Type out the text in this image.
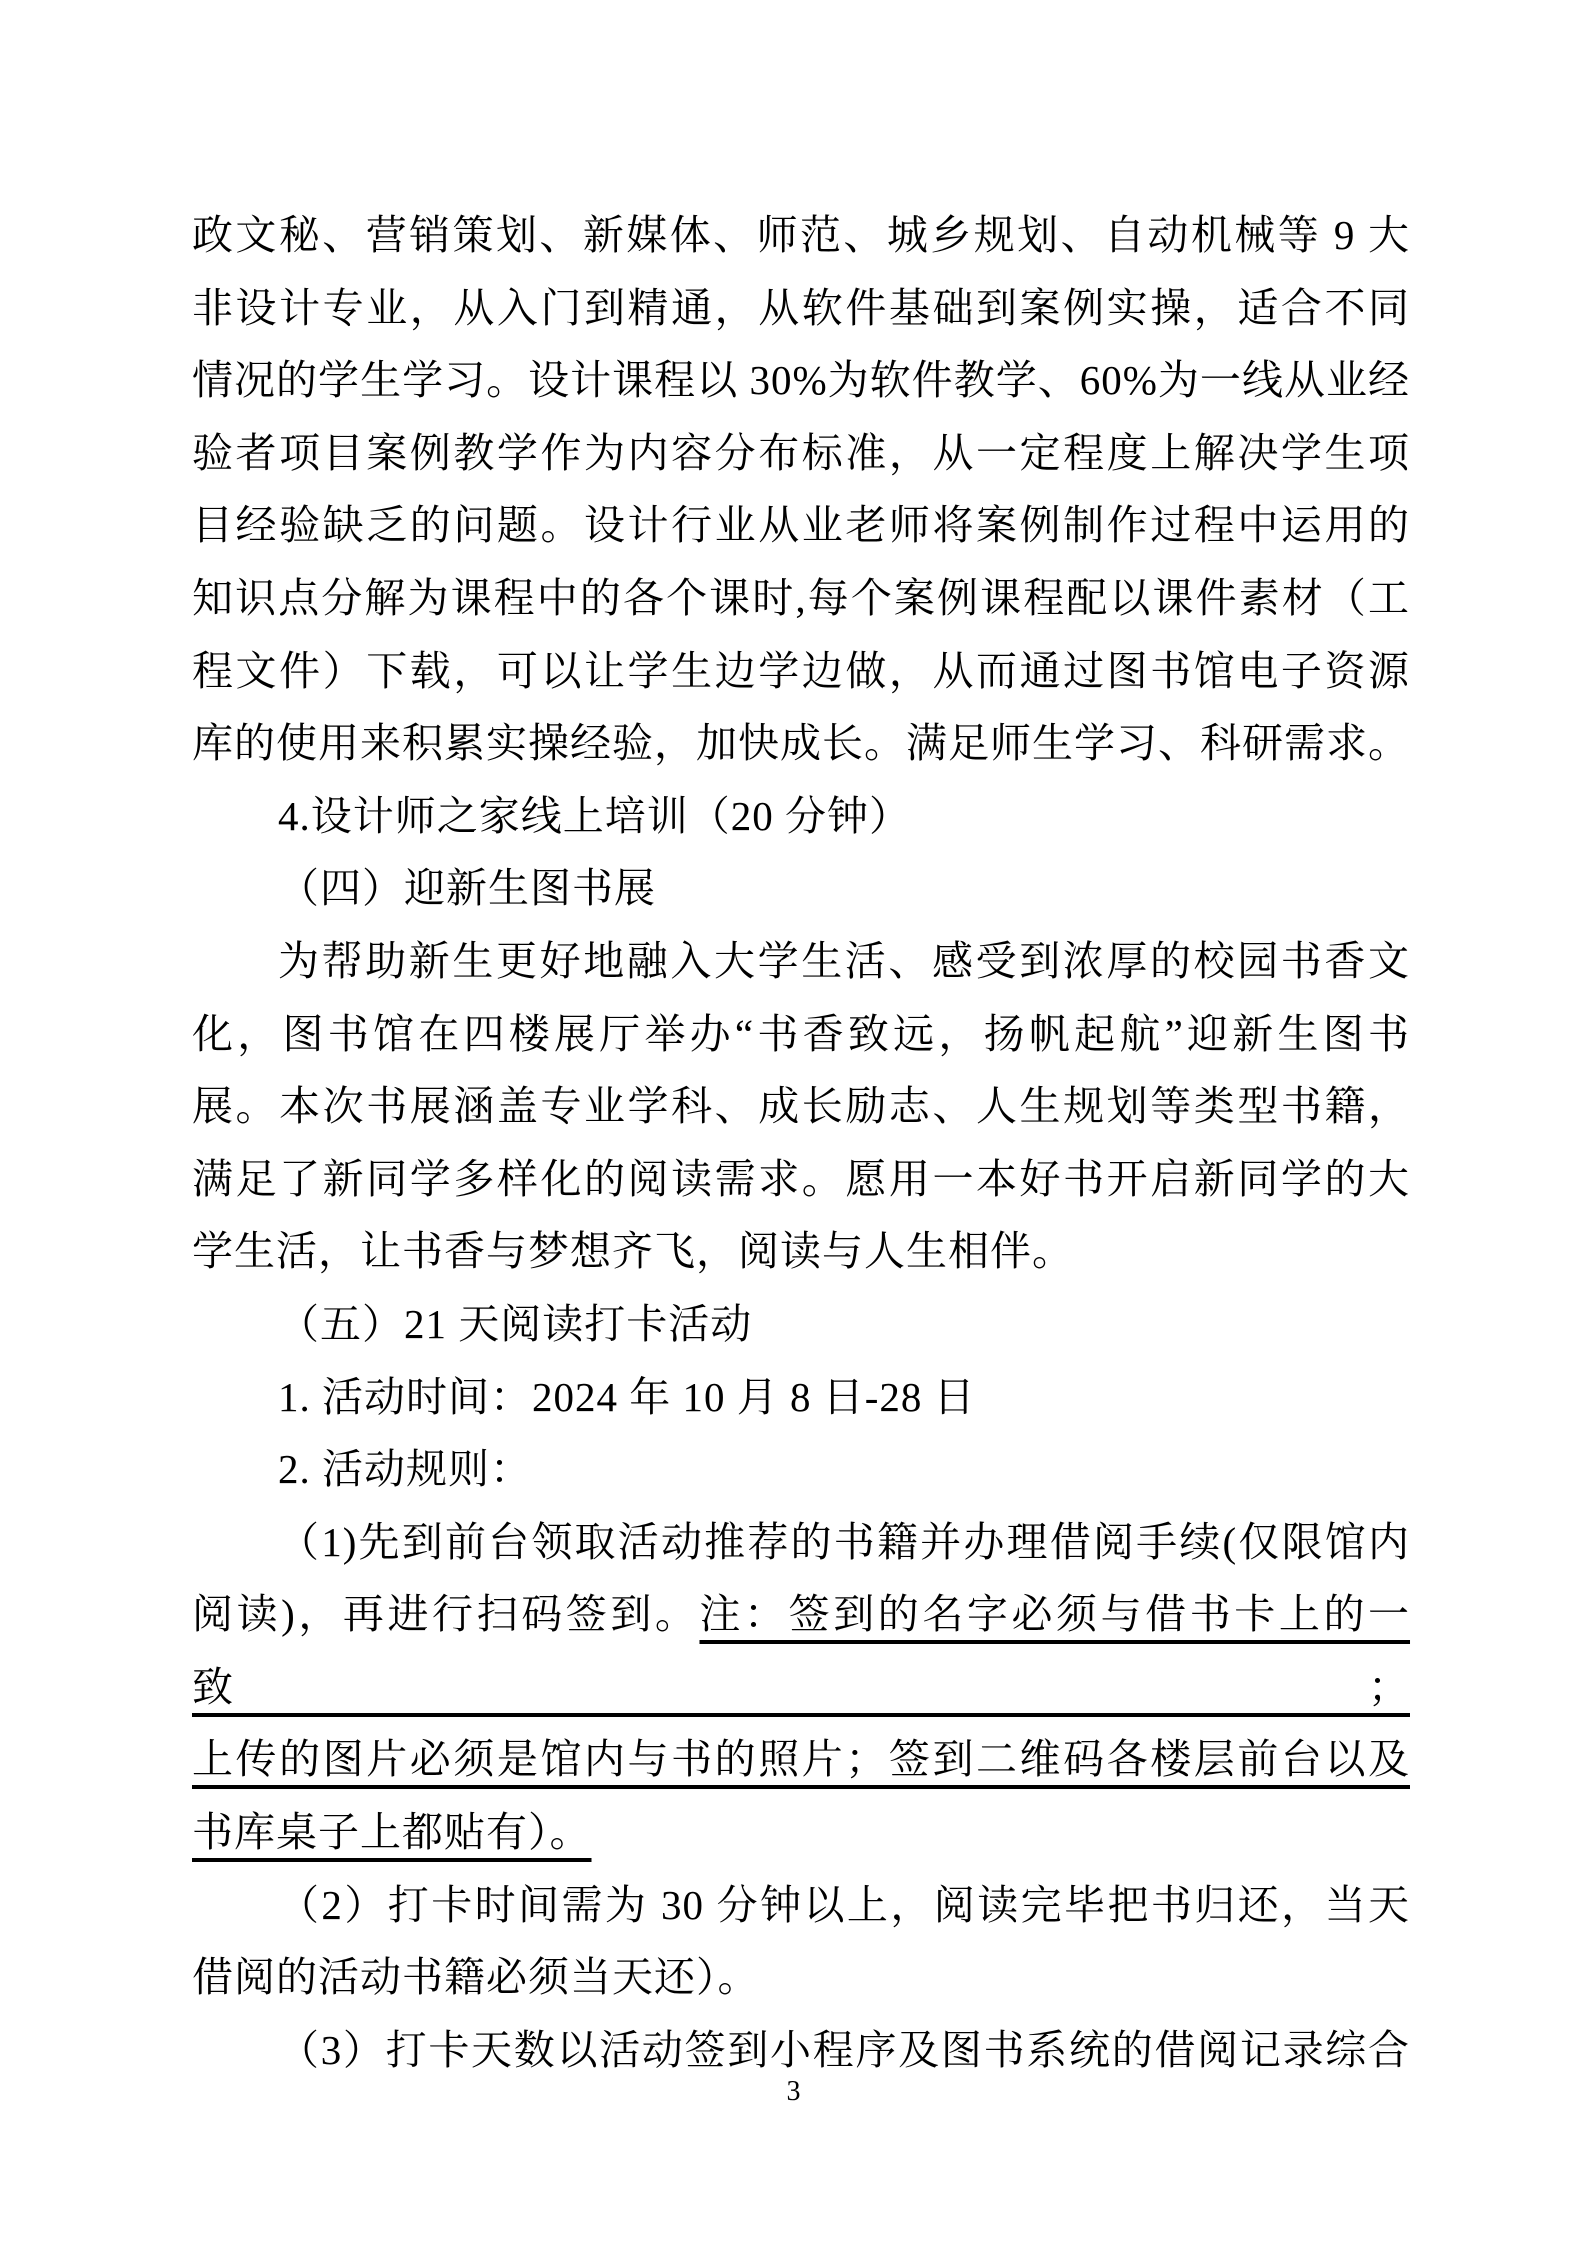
政文秘、营销策划、新媒体、师范、城乡规划、自动机械等 9 大
非设计专业，从入门到精通，从软件基础到案例实操，适合不同
情况的学生学习。设计课程以 30%为软件教学、60%为一线从业经
验者项目案例教学作为内容分布标准，从一定程度上解决学生项
目经验缺乏的问题。设计行业从业老师将案例制作过程中运用的
知识点分解为课程中的各个课时,每个案例课程配以课件素材（工
程文件）下载，可以让学生边学边做，从而通过图书馆电子资源
库的使用来积累实操经验，加快成长。满足师生学习、科研需求。
4.设计师之家线上培训（20 分钟）
（四）迎新生图书展
为帮助新生更好地融入大学生活、感受到浓厚的校园书香文
化，图书馆在四楼展厅举办“书香致远，扬帆起航”迎新生图书
展。本次书展涵盖专业学科、成长励志、人生规划等类型书籍，
满足了新同学多样化的阅读需求。愿用一本好书开启新同学的大
学生活，让书香与梦想齐飞，阅读与人生相伴。
（五）21 天阅读打卡活动
1. 活动时间：2024 年 10 月 8 日-28 日
2. 活动规则：
（1)先到前台领取活动推荐的书籍并办理借阅手续(仅限馆内
阅读)，再进行扫码签到。注：签到的名字必须与借书卡上的一致；
上传的图片必须是馆内与书的照片；签到二维码各楼层前台以及
书库桌子上都贴有）。
（2）打卡时间需为 30 分钟以上，阅读完毕把书归还，当天
借阅的活动书籍必须当天还）。
（3）打卡天数以活动签到小程序及图书系统的借阅记录综合
3
